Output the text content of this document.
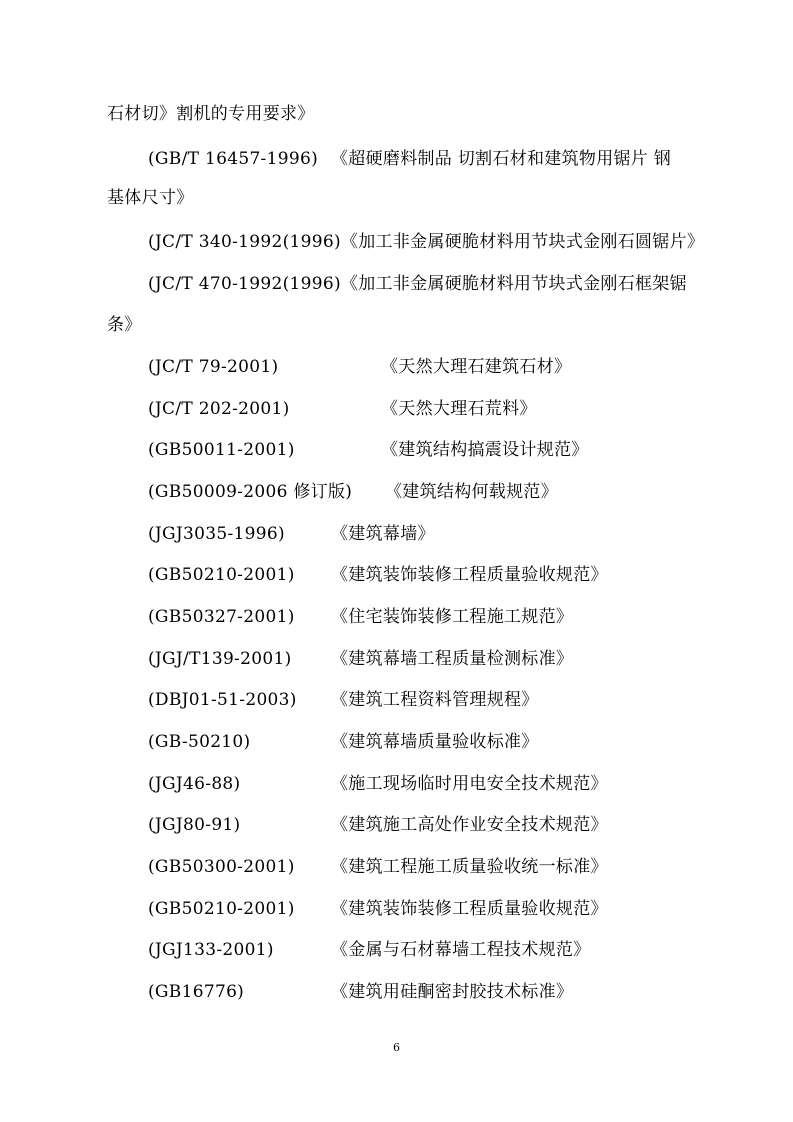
石材切》割机的专用要求》
(GB/T 16457-1996) 《超硬磨料制品 切割石材和建筑物用锯片 钢
基体尺寸》
(JC/T 340-1992(1996)《加工非金属硬脆材料用节块式金刚石圆锯片》
(JC/T 470-1992(1996)《加工非金属硬脆材料用节块式金刚石框架锯
条》
(JC/T 79-2001)	《天然大理石建筑石材》
(JC/T 202-2001)	《天然大理石荒料》
(GB50011-2001)	《建筑结构搞震设计规范》
(GB50009-2006 修订版) 《建筑结构何载规范》
(JGJ3035-1996)	《建筑幕墙》
(GB50210-2001) 《建筑装饰装修工程质量验收规范》
(GB50327-2001) 《住宅装饰装修工程施工规范》
(JGJ/T139-2001) 《建筑幕墙工程质量检测标准》
(DBJ01-51-2003) 《建筑工程资料管理规程》
(GB-50210)	《建筑幕墙质量验收标准》
(JGJ46-88)	《施工现场临时用电安全技术规范》
(JGJ80-91)	《建筑施工高处作业安全技术规范》
(GB50300-2001) 《建筑工程施工质量验收统一标准》
(GB50210-2001) 《建筑装饰装修工程质量验收规范》
(JGJ133-2001)	《金属与石材幕墙工程技术规范》
(GB16776)	《建筑用硅酮密封胶技术标准》
6
